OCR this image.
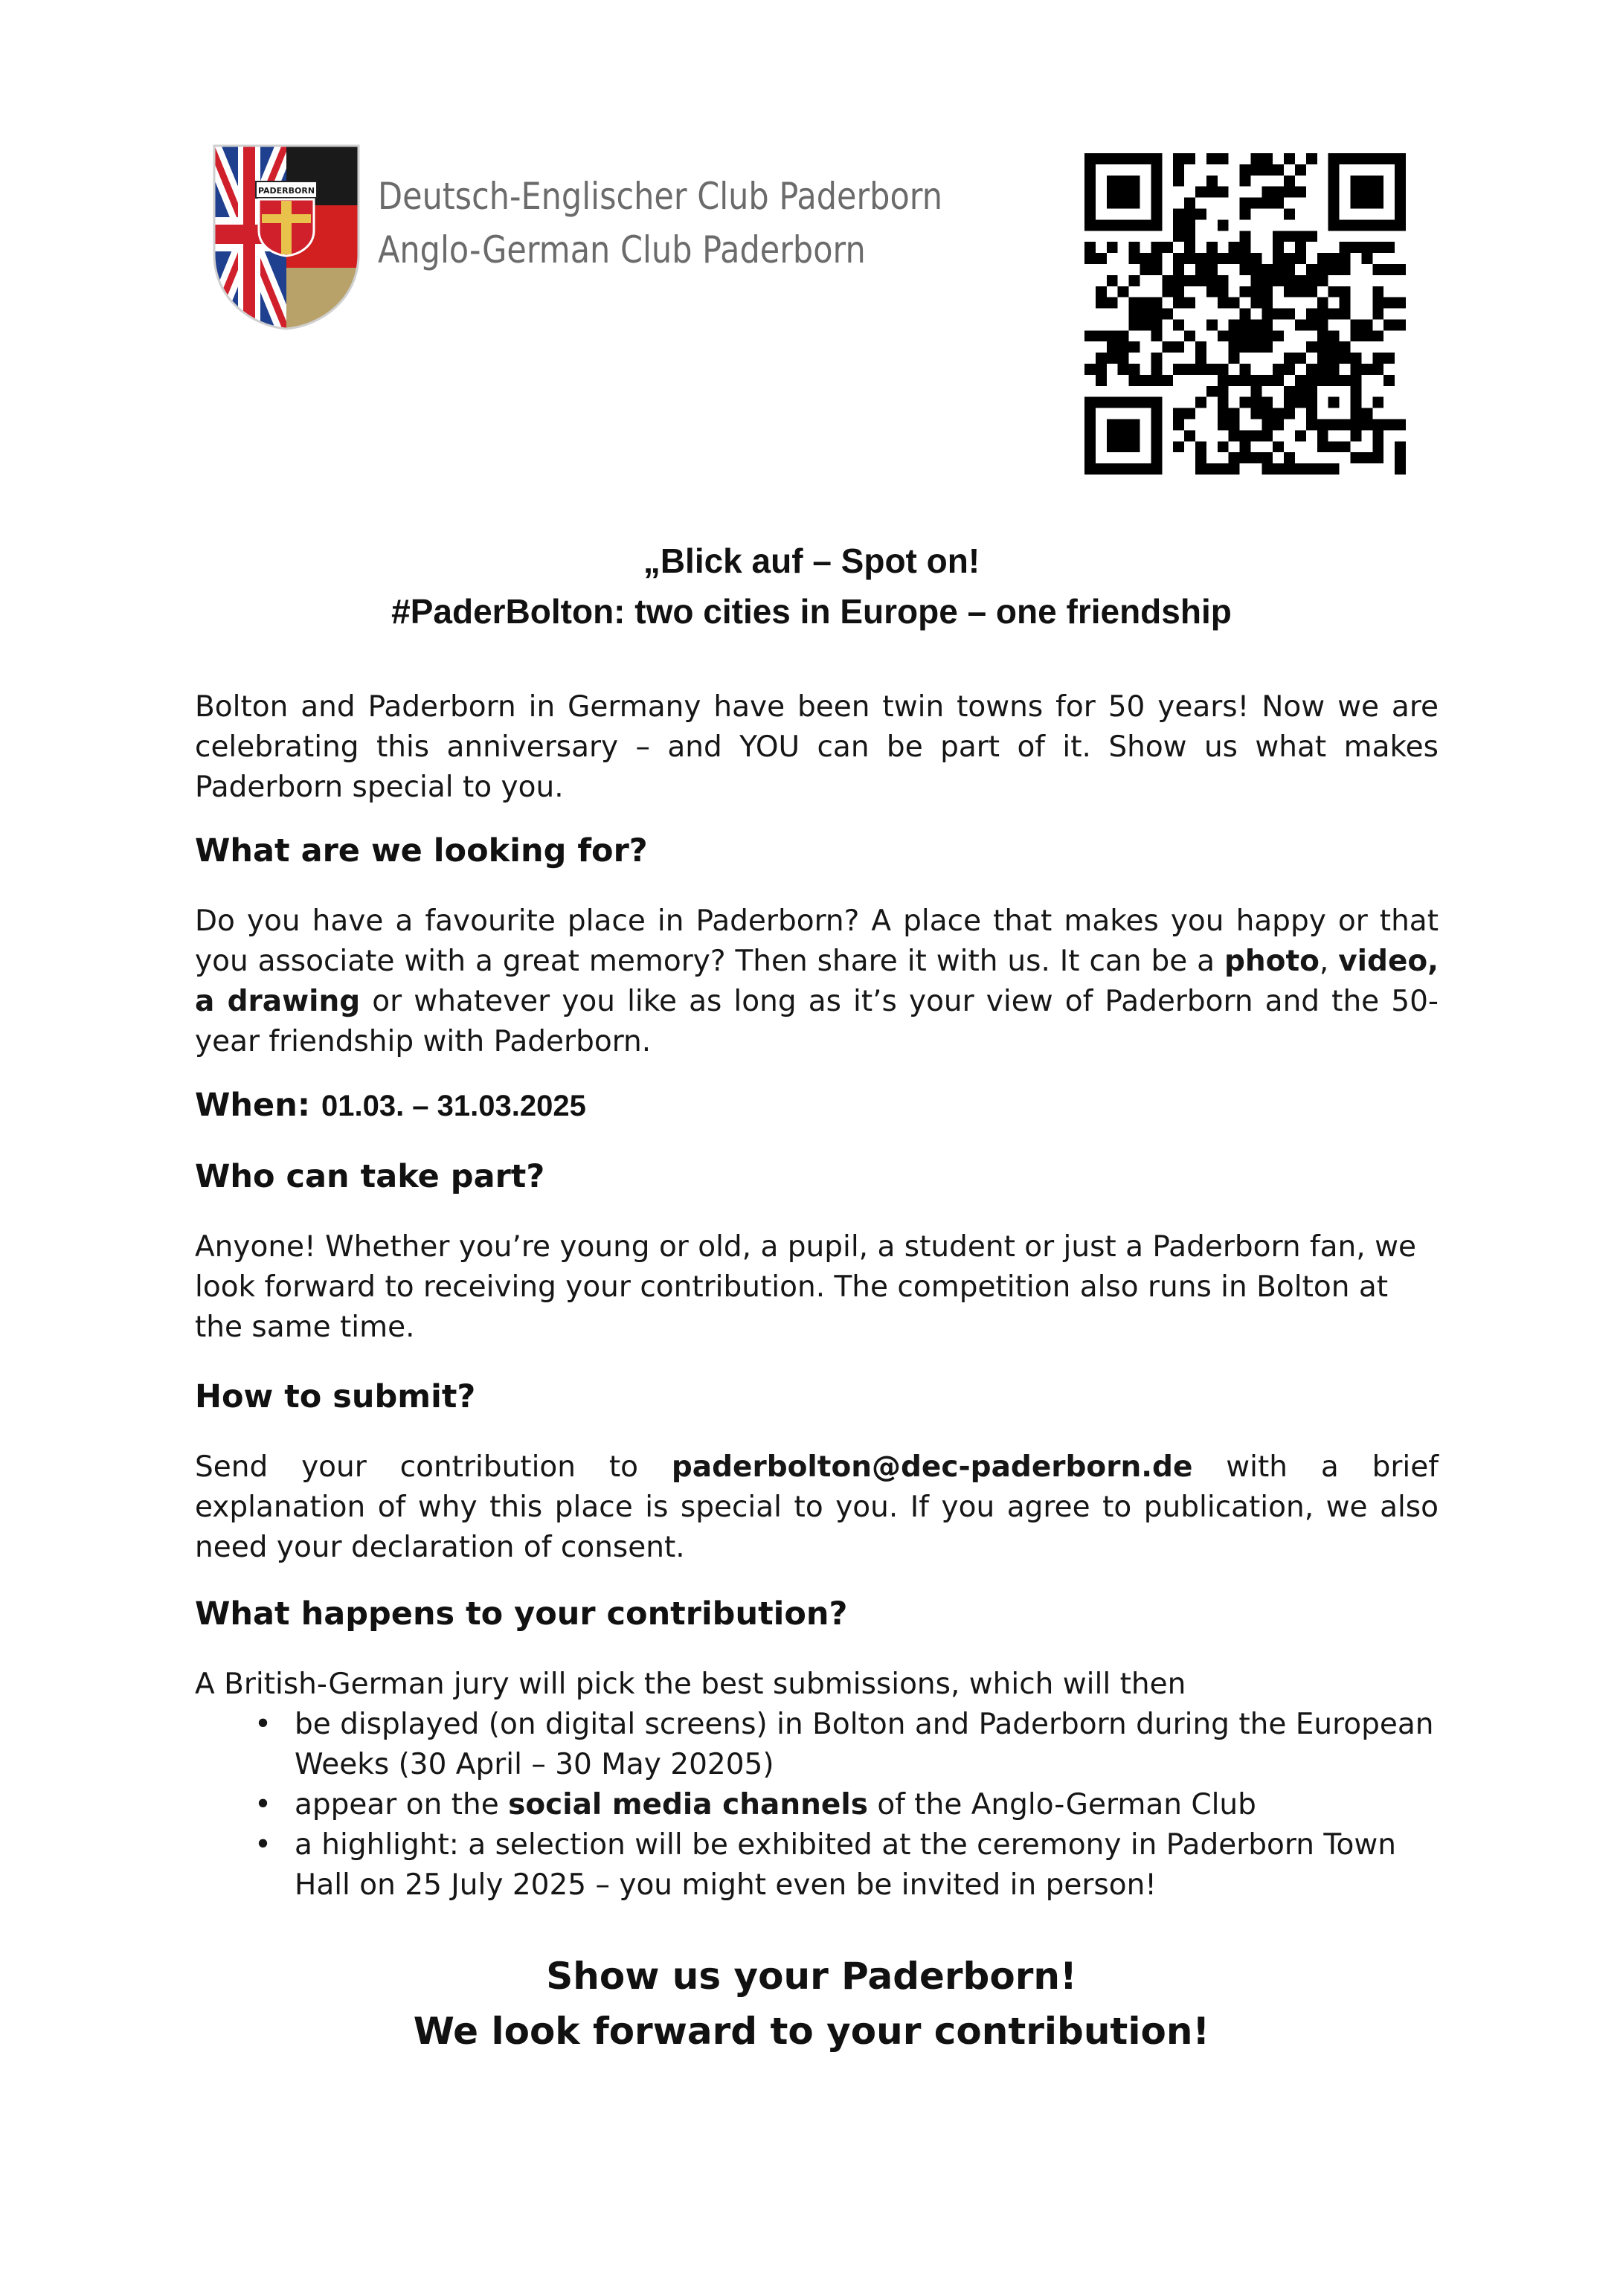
PADERBORN Deutsch-Englischer Club Paderborn
Anglo-German Club Paderborn
„Blick auf – Spot on!
#PaderBolton: two cities in Europe – one friendship

Bolton and Paderborn in Germany have been twin towns for 50 years! Now we are celebrating this anniversary – and YOU can be part of it. Show us what makes Paderborn special to you.

What are we looking for?

Do you have a favourite place in Paderborn? A place that makes you happy or that you associate with a great memory? Then share it with us. It can be a photo, video, a drawing or whatever you like as long as it’s your view of Paderborn and the 50-year friendship with Paderborn.

When: 01.03. – 31.03.2025
Who can take part?

Anyone! Whether you’re young or old, a pupil, a student or just a Paderborn fan, we look forward to receiving your contribution. The competition also runs in Bolton at the same time.

How to submit?

Send your contribution to paderbolton@dec-paderborn.de with a brief explanation of why this place is special to you. If you agree to publication, we also need your declaration of consent.

What happens to your contribution?

A British-German jury will pick the best submissions, which will then

• be displayed (on digital screens) in Bolton and Paderborn during the European Weeks (30 April – 30 May 20205)
• appear on the social media channels of the Anglo-German Club
• a highlight: a selection will be exhibited at the ceremony in Paderborn Town Hall on 25 July 2025 – you might even be invited in person!
Show us your Paderborn!
We look forward to your contribution!
